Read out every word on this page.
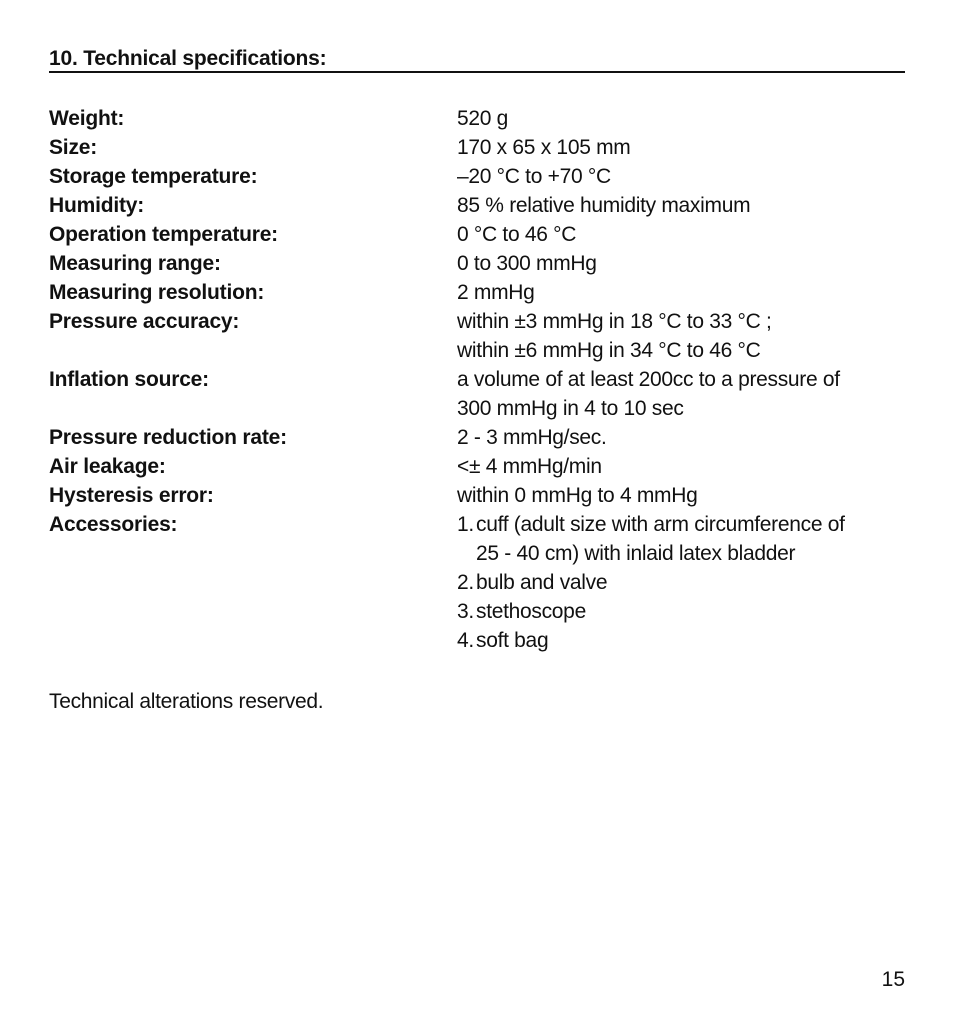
10. Technical specifications:
Weight:	520 g
Size:	170 x 65 x 105 mm
Storage temperature:	–20 °C to +70 °C
Humidity:	85 % relative humidity maximum
Operation temperature:	0 °C to 46 °C
Measuring range:	0 to 300 mmHg
Measuring resolution:	2 mmHg
Pressure accuracy:	within ±3 mmHg in 18 °C to 33 °C ;
within ±6 mmHg in 34 °C to 46 °C
Inflation source:	a volume of at least 200cc to a pressure of
300 mmHg in 4 to 10 sec
Pressure reduction rate:	2 - 3 mmHg/sec.
Air leakage:	<± 4 mmHg/min
Hysteresis error:	within 0 mmHg to 4 mmHg
Accessories:	1. cuff (adult size with arm circumference of
25 - 40 cm) with inlaid latex bladder
2. bulb and valve
3. stethoscope
4. soft bag
Technical alterations reserved.
15
